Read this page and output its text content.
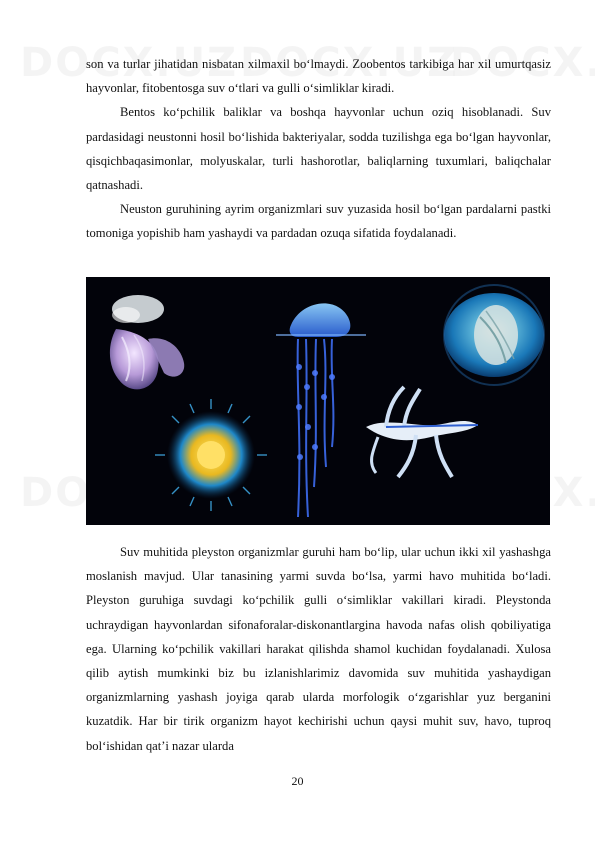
son va turlar jihatidan nisbatan xilmaxil bo‘lmaydi. Zoobentos tarkibiga har xil umurtqasiz hayvonlar, fitobentosga suv o‘tlari va gulli o‘simliklar kiradi.

Bentos ko‘pchilik baliklar va boshqa hayvonlar uchun oziq hisoblanadi. Suv pardasidagi neustonni hosil bo‘lishida bakteriyalar, sodda tuzilishga ega bo‘lgan hayvonlar, qisqichbaqasimonlar, molyuskalar, turli hashorotlar, baliqlarning tuxumlari, baliqchalar qatnashadi.

Neuston guruhining ayrim organizmlari suv yuzasida hosil bo‘lgan pardalarni pastki tomoniga yopishib ham yashaydi va pardadan ozuqa sifatida foydalanadi.

Suv muhitida pleyston organizmlar guruhi ham bo‘lip, ular uchun ikki xil yashashga moslanish mavjud. Ular tanasining yarmi suvda bo‘lsa, yarmi havo muhitida bo‘ladi. Pleyston guruhiga suvdagi ko‘pchilik gulli o‘simliklar vakillari kiradi. Pleystonda uchraydigan hayvonlardan sifonaforalar-diskonantlargina havoda nafas olish qobiliyatiga ega. Ularning ko‘pchilik vakillari harakat qilishda shamol kuchidan foydalanadi. Xulosa qilib aytish mumkinki biz bu izlanishlarimiz davomida suv muhitida yashaydigan organizmlarning yashash joyiga qarab ularda morfologik o‘zgarishlar yuz berganini kuzatdik. Har bir tirik organizm hayot kechirishi uchun qaysi muhit suv, havo, tuproq bol‘ishidan qat’i nazar ularda

20
